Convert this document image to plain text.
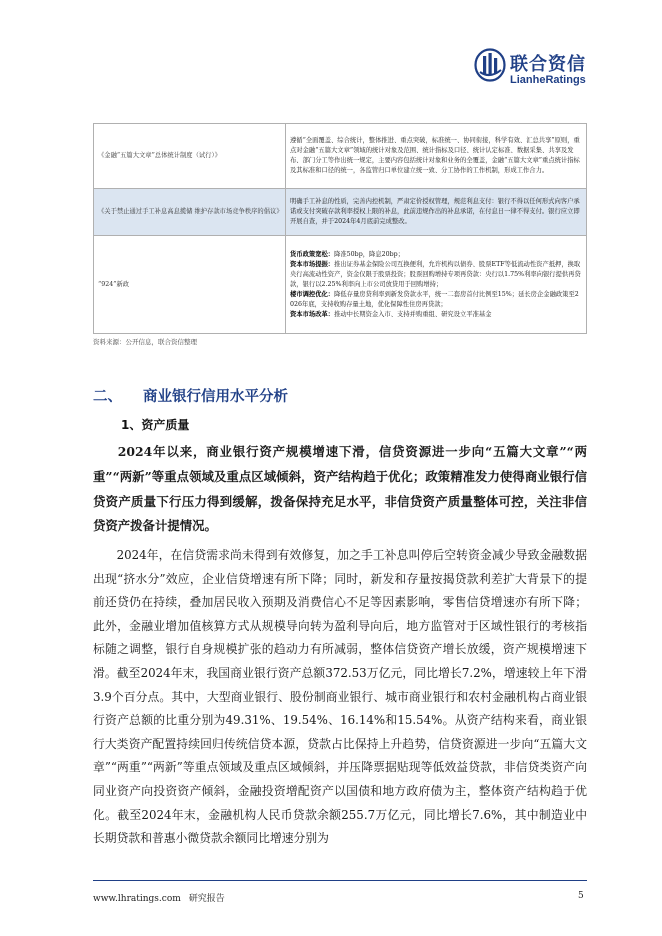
联合资信
LianheRatings
《金融“五篇大文章”总体统计制度（试行）》	遵循“全面覆盖、综合统计，整体推进、重点突破，标准统一、协同衔接，科学有效、汇总共享”原则，重点对金融“五篇大文章”领域的统计对象及范围、统计指标及口径、统计认定标准、数据采集、共享及发布、部门分工等作出统一规定，主要内容包括统计对象和业务的全覆盖，金融“五篇大文章”重点统计指标及其标准和口径的统一，各监管归口单位建立统一致、分工协作的工作机制，形成工作合力。
《关于禁止通过手工补息高息揽储 维护存款市场竞争秩序的倡议》	明确手工补息的性质，完善内控机制，严肃定价授权管理，规范利息支付：银行不得以任何形式向客户承诺或支付突破存款利率授权上限的补息，此前违规作出的补息承诺，在付息日一律不得支付。银行应立即开展自查，并于2024年4月底前完成整改。
“924”新政	货币政策宽松：降准50bp，降息20bp；
资本市场提振：推出证券基金保险公司互换便利，允许机构以债券、股票ETF等低流动性资产抵押，换取央行高流动性资产，资金仅限于股票投资；股票回购增持专项再贷款：央行以1.75%利率向银行提供再贷款，银行以2.25%利率向上市公司放贷用于回购增持；
楼市调控优化：降低存量房贷利率到新发贷款水平，统一二套房首付比例至15%；延长房企金融政策至2026年底，支持收购存量土地，优化保障性住房再贷款；
资本市场改革：推动中长期资金入市、支持并购重组、研究设立平准基金
资料来源：公开信息，联合资信整理
二、 商业银行信用水平分析
1、资产质量

2024年以来，商业银行资产规模增速下滑，信贷资源进一步向“五篇大文章”“两重”“两新”等重点领域及重点区域倾斜，资产结构趋于优化；政策精准发力使得商业银行信贷资产质量下行压力得到缓解，拨备保持充足水平，非信贷资产质量整体可控，关注非信贷资产拨备计提情况。

2024年，在信贷需求尚未得到有效修复，加之手工补息叫停后空转资金减少导致金融数据出现“挤水分”效应，企业信贷增速有所下降；同时，新发和存量按揭贷款利差扩大背景下的提前还贷仍在持续，叠加居民收入预期及消费信心不足等因素影响，零售信贷增速亦有所下降；此外，金融业增加值核算方式从规模导向转为盈利导向后，地方监管对于区域性银行的考核指标随之调整，银行自身规模扩张的趋动力有所减弱，整体信贷资产增长放缓，资产规模增速下滑。截至2024年末，我国商业银行资产总额372.53万亿元，同比增长7.2%，增速较上年下滑3.9个百分点。其中，大型商业银行、股份制商业银行、城市商业银行和农村金融机构占商业银行资产总额的比重分别为49.31%、19.54%、16.14%和15.54%。从资产结构来看，商业银行大类资产配置持续回归传统信贷本源，贷款占比保持上升趋势，信贷资源进一步向“五篇大文章”“两重”“两新”等重点领域及重点区域倾斜，并压降票据贴现等低效益贷款，非信贷类资产向同业资产向投资资产倾斜，金融投资增配资产以国债和地方政府债为主，整体资产结构趋于优化。截至2024年末，金融机构人民币贷款余额255.7万亿元，同比增长7.6%，其中制造业中长期贷款和普惠小微贷款余额同比增速分别为

www.lhratings.com 研究报告	5
